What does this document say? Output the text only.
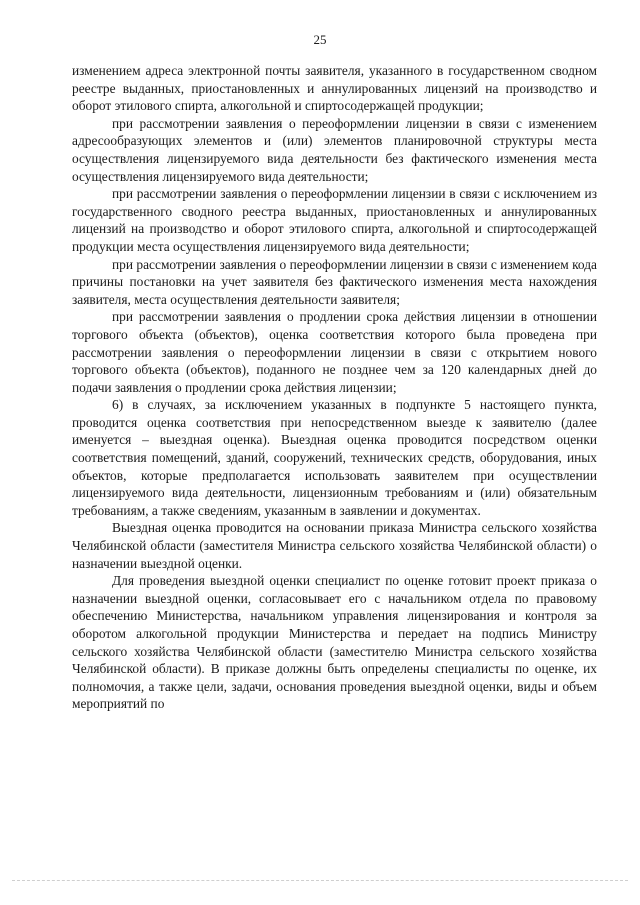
25

изменением адреса электронной почты заявителя, указанного в государственном сводном реестре выданных, приостановленных и аннулированных лицензий на производство и оборот этилового спирта, алкогольной и спиртосодержащей продукции;

при рассмотрении заявления о переоформлении лицензии в связи с изменением адресообразующих элементов и (или) элементов планировочной структуры места осуществления лицензируемого вида деятельности без фактического изменения места осуществления лицензируемого вида деятельности;

при рассмотрении заявления о переоформлении лицензии в связи с исключением из государственного сводного реестра выданных, приостановленных и аннулированных лицензий на производство и оборот этилового спирта, алкогольной и спиртосодержащей продукции места осуществления лицензируемого вида деятельности;

при рассмотрении заявления о переоформлении лицензии в связи с изменением кода причины постановки на учет заявителя без фактического изменения места нахождения заявителя, места осуществления деятельности заявителя;

при рассмотрении заявления о продлении срока действия лицензии в отношении торгового объекта (объектов), оценка соответствия которого была проведена при рассмотрении заявления о переоформлении лицензии в связи с открытием нового торгового объекта (объектов), поданного не позднее чем за 120 календарных дней до подачи заявления о продлении срока действия лицензии;

6) в случаях, за исключением указанных в подпункте 5 настоящего пункта, проводится оценка соответствия при непосредственном выезде к заявителю (далее именуется – выездная оценка). Выездная оценка проводится посредством оценки соответствия помещений, зданий, сооружений, технических средств, оборудования, иных объектов, которые предполагается использовать заявителем при осуществлении лицензируемого вида деятельности, лицензионным требованиям и (или) обязательным требованиям, а также сведениям, указанным в заявлении и документах.

Выездная оценка проводится на основании приказа Министра сельского хозяйства Челябинской области (заместителя Министра сельского хозяйства Челябинской области) о назначении выездной оценки.

Для проведения выездной оценки специалист по оценке готовит проект приказа о назначении выездной оценки, согласовывает его с начальником отдела по правовому обеспечению Министерства, начальником управления лицензирования и контроля за оборотом алкогольной продукции Министерства и передает на подпись Министру сельского хозяйства Челябинской области (заместителю Министра сельского хозяйства Челябинской области). В приказе должны быть определены специалисты по оценке, их полномочия, а также цели, задачи, основания проведения выездной оценки, виды и объем мероприятий по
